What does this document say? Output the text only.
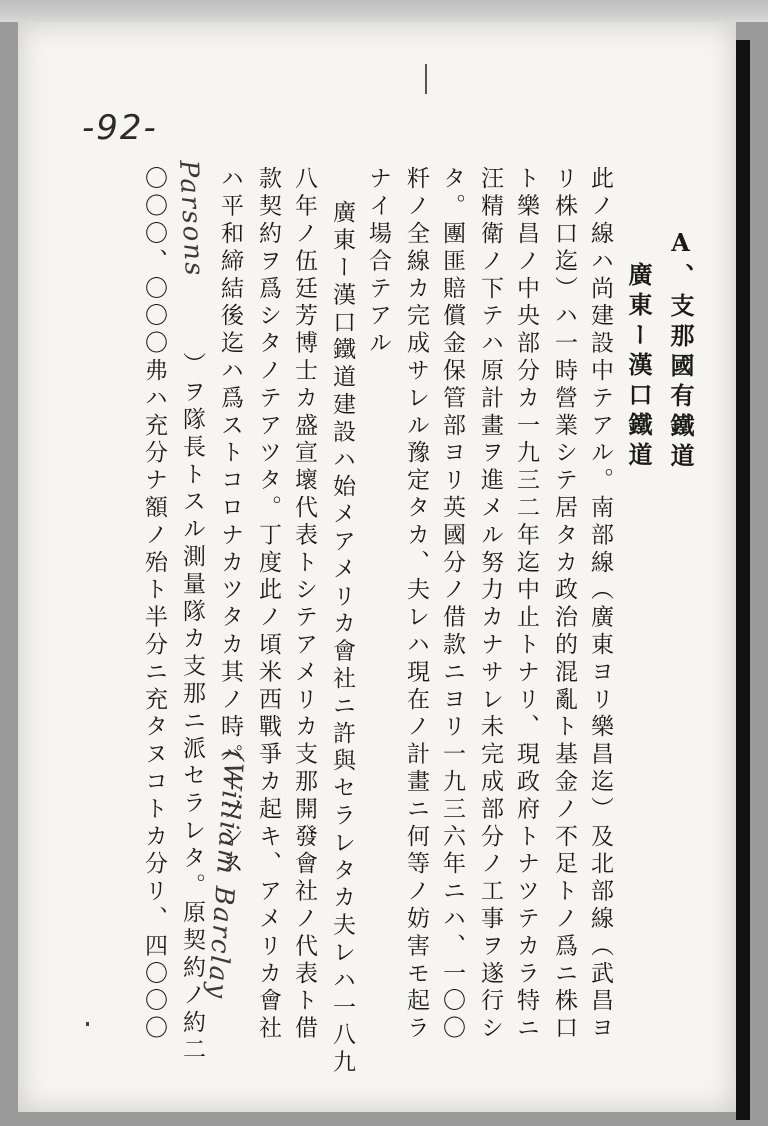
-92-
A、支那國有鐵道
廣東ー漢口鐵道
此ノ線ハ尚建設中テアル。南部線（廣東ヨリ樂昌迄）及北部線（武昌ヨ
リ株口迄）ハ一時營業シテ居タカ政治的混亂ト基金ノ不足トノ爲ニ株口
ト樂昌ノ中央部分カ一九三二年迄中止トナリ、現政府トナツテカラ特ニ
汪精衛ノ下テハ原計畫ヲ進メル努力カナサレ未完成部分ノ工事ヲ遂行シ
タ。團匪賠償金保管部ヨリ英國分ノ借款ニヨリ一九三六年ニハ、一〇〇
粁ノ全線カ完成サレル豫定タカ、夫レハ現在ノ計畫ニ何等ノ妨害モ起ラ
ナイ場合テアル
廣東ー漢口鐵道建設ハ始メアメリカ會社ニ許與セラレタカ夫レハ一八九
八年ノ伍廷芳博士カ盛宣壞代表トシテアメリカ支那開發會社ノ代表ト借
款契約ヲ爲シタノテアツタ。丁度此ノ頃米西戰爭カ起キ、アメリカ會社
ハ平和締結後迄ハ爲ストコロナカツタカ其ノ時パーソンス
(William Barclay
Parsons
）ヲ隊長トスル測量隊カ支那ニ派セラレタ。原契約ノ約二
〇〇〇、〇〇〇弗ハ充分ナ額ノ殆ト半分ニ充タヌコトカ分リ、四〇〇〇
